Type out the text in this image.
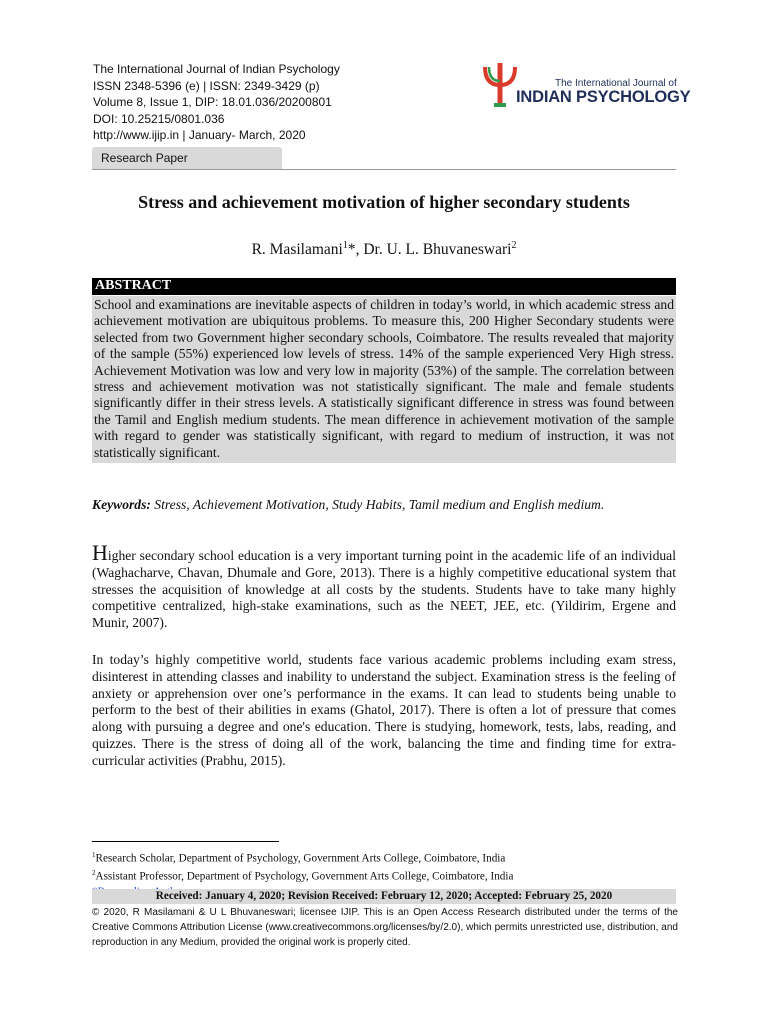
The International Journal of Indian Psychology
ISSN 2348-5396 (e) | ISSN: 2349-3429 (p)
Volume 8, Issue 1, DIP: 18.01.036/20200801
DOI: 10.25215/0801.036
http://www.ijip.in | January- March, 2020
The International Journal of
INDIAN PSYCHOLOGY
Research Paper
Stress and achievement motivation of higher secondary students
R. Masilamani$^1$*, Dr. U. L. Bhuvaneswari$^2$
ABSTRACT
School and examinations are inevitable aspects of children in today’s world, in which academic stress and achievement motivation are ubiquitous problems. To measure this, 200 Higher Secondary students were selected from two Government higher secondary schools, Coimbatore. The results revealed that majority of the sample (55%) experienced low levels of stress. 14% of the sample experienced Very High stress. Achievement Motivation was low and very low in majority (53%) of the sample. The correlation between stress and achievement motivation was not statistically significant. The male and female students significantly differ in their stress levels. A statistically significant difference in stress was found between the Tamil and English medium students. The mean difference in achievement motivation of the sample with regard to gender was statistically significant, with regard to medium of instruction, it was not statistically significant.
Keywords: Stress, Achievement Motivation, Study Habits, Tamil medium and English medium.
Higher secondary school education is a very important turning point in the academic life of an individual (Waghacharve, Chavan, Dhumale and Gore, 2013). There is a highly competitive educational system that stresses the acquisition of knowledge at all costs by the students. Students have to take many highly competitive centralized, high-stake examinations, such as the NEET, JEE, etc. (Yildirim, Ergene and Munir, 2007).
In today’s highly competitive world, students face various academic problems including exam stress, disinterest in attending classes and inability to understand the subject. Examination stress is the feeling of anxiety or apprehension over one’s performance in the exams. It can lead to students being unable to perform to the best of their abilities in exams (Ghatol, 2017). There is often a lot of pressure that comes along with pursuing a degree and one's education. There is studying, homework, tests, labs, reading, and quizzes. There is the stress of doing all of the work, balancing the time and finding time for extra-curricular activities (Prabhu, 2015).
$^1$Research Scholar, Department of Psychology, Government Arts College, Coimbatore, India
$^2$Assistant Professor, Department of Psychology, Government Arts College, Coimbatore, India
Received: January 4, 2020; Revision Received: February 12, 2020; Accepted: February 25, 2020
© 2020, R Masilamani & U L Bhuvaneswari; licensee IJIP. This is an Open Access Research distributed under the terms of the Creative Commons Attribution License (www.creativecommons.org/licenses/by/2.0), which permits unrestricted use, distribution, and reproduction in any Medium, provided the original work is properly cited.
